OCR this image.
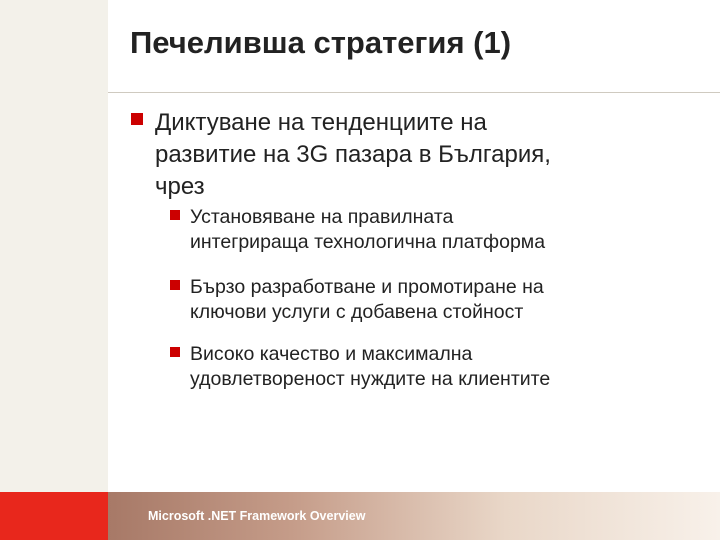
Печеливша стратегия (1)
Диктуване на тенденциите на
развитие на 3G пазара в България,
чрез
Установяване на правилната
интегрираща технологична платформа
Бързо разработване и промотиране на
ключови услуги с добавена стойност
Високо качество и максимална
удовлетвореност нуждите на клиентите
Microsoft .NET Framework Overview
